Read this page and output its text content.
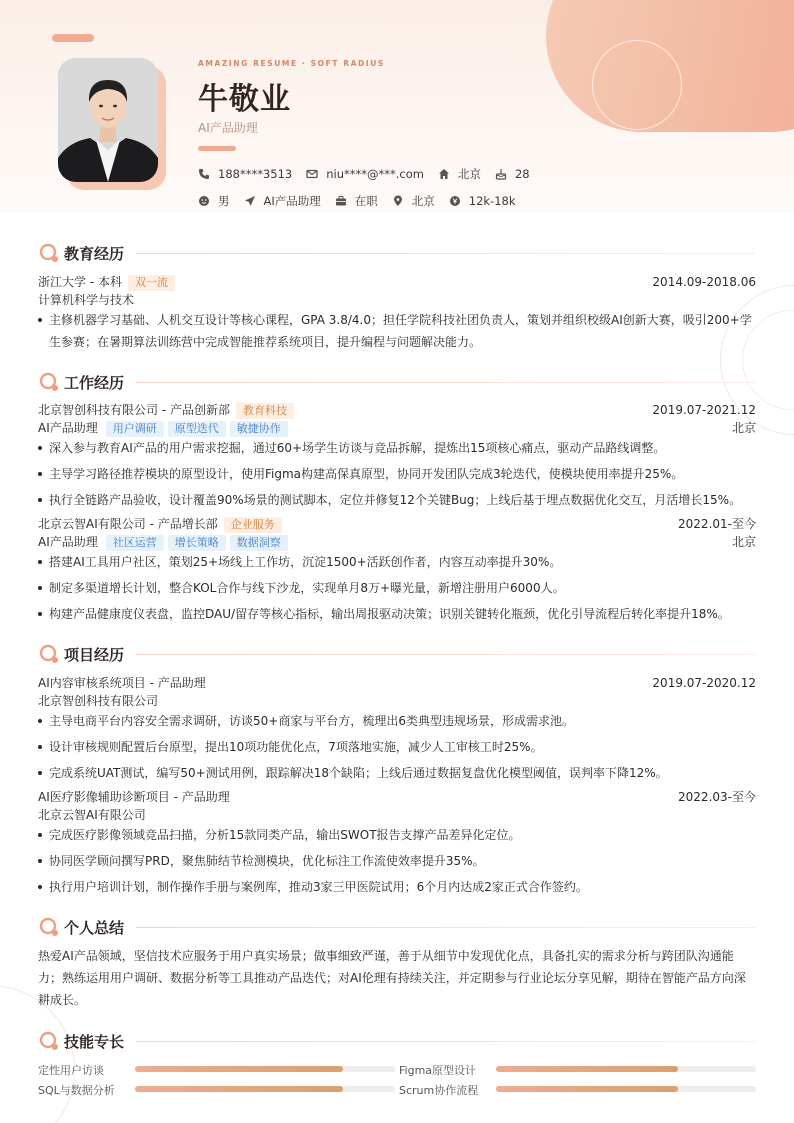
AMAZING RESUME · SOFT RADIUS
牛敬业
AI产品助理
188****3513	niu****@***.com	北京	28
男	AI产品助理	在职	北京	12k-18k
教育经历
浙江大学 - 本科 双一流	2014.09-2018.06
计算机科学与技术
主修机器学习基础、人机交互设计等核心课程，GPA 3.8/4.0；担任学院科技社团负责人，策划并组织校级AI创新大赛，吸引200+学生参赛；在暑期算法训练营中完成智能推荐系统项目，提升编程与问题解决能力。
工作经历
北京智创科技有限公司 - 产品创新部 教育科技	2019.07-2021.12
AI产品助理 用户调研 原型迭代 敏捷协作	北京
深入参与教育AI产品的用户需求挖掘，通过60+场学生访谈与竞品拆解，提炼出15项核心痛点，驱动产品路线调整。
主导学习路径推荐模块的原型设计，使用Figma构建高保真原型，协同开发团队完成3轮迭代，使模块使用率提升25%。
执行全链路产品验收，设计覆盖90%场景的测试脚本，定位并修复12个关键Bug；上线后基于埋点数据优化交互，月活增长15%。
北京云智AI有限公司 - 产品增长部 企业服务	2022.01-至今
AI产品助理 社区运营 增长策略 数据洞察	北京
搭建AI工具用户社区，策划25+场线上工作坊，沉淀1500+活跃创作者，内容互动率提升30%。
制定多渠道增长计划，整合KOL合作与线下沙龙，实现单月8万+曝光量，新增注册用户6000人。
构建产品健康度仪表盘，监控DAU/留存等核心指标，输出周报驱动决策；识别关键转化瓶颈，优化引导流程后转化率提升18%。
项目经历
AI内容审核系统项目 - 产品助理	2019.07-2020.12
北京智创科技有限公司
主导电商平台内容安全需求调研，访谈50+商家与平台方，梳理出6类典型违规场景，形成需求池。
设计审核规则配置后台原型，提出10项功能优化点，7项落地实施，减少人工审核工时25%。
完成系统UAT测试，编写50+测试用例，跟踪解决18个缺陷；上线后通过数据复盘优化模型阈值，误判率下降12%。
AI医疗影像辅助诊断项目 - 产品助理	2022.03-至今
北京云智AI有限公司
完成医疗影像领域竞品扫描，分析15款同类产品，输出SWOT报告支撑产品差异化定位。
协同医学顾问撰写PRD，聚焦肺结节检测模块，优化标注工作流使效率提升35%。
执行用户培训计划，制作操作手册与案例库，推动3家三甲医院试用；6个月内达成2家正式合作签约。
个人总结
热爱AI产品领域，坚信技术应服务于用户真实场景；做事细致严谨，善于从细节中发现优化点，具备扎实的需求分析与跨团队沟通能力；熟练运用用户调研、数据分析等工具推动产品迭代；对AI伦理有持续关注，并定期参与行业论坛分享见解，期待在智能产品方向深耕成长。
技能专长
定性用户访谈	Figma原型设计
SQL与数据分析	Scrum协作流程
